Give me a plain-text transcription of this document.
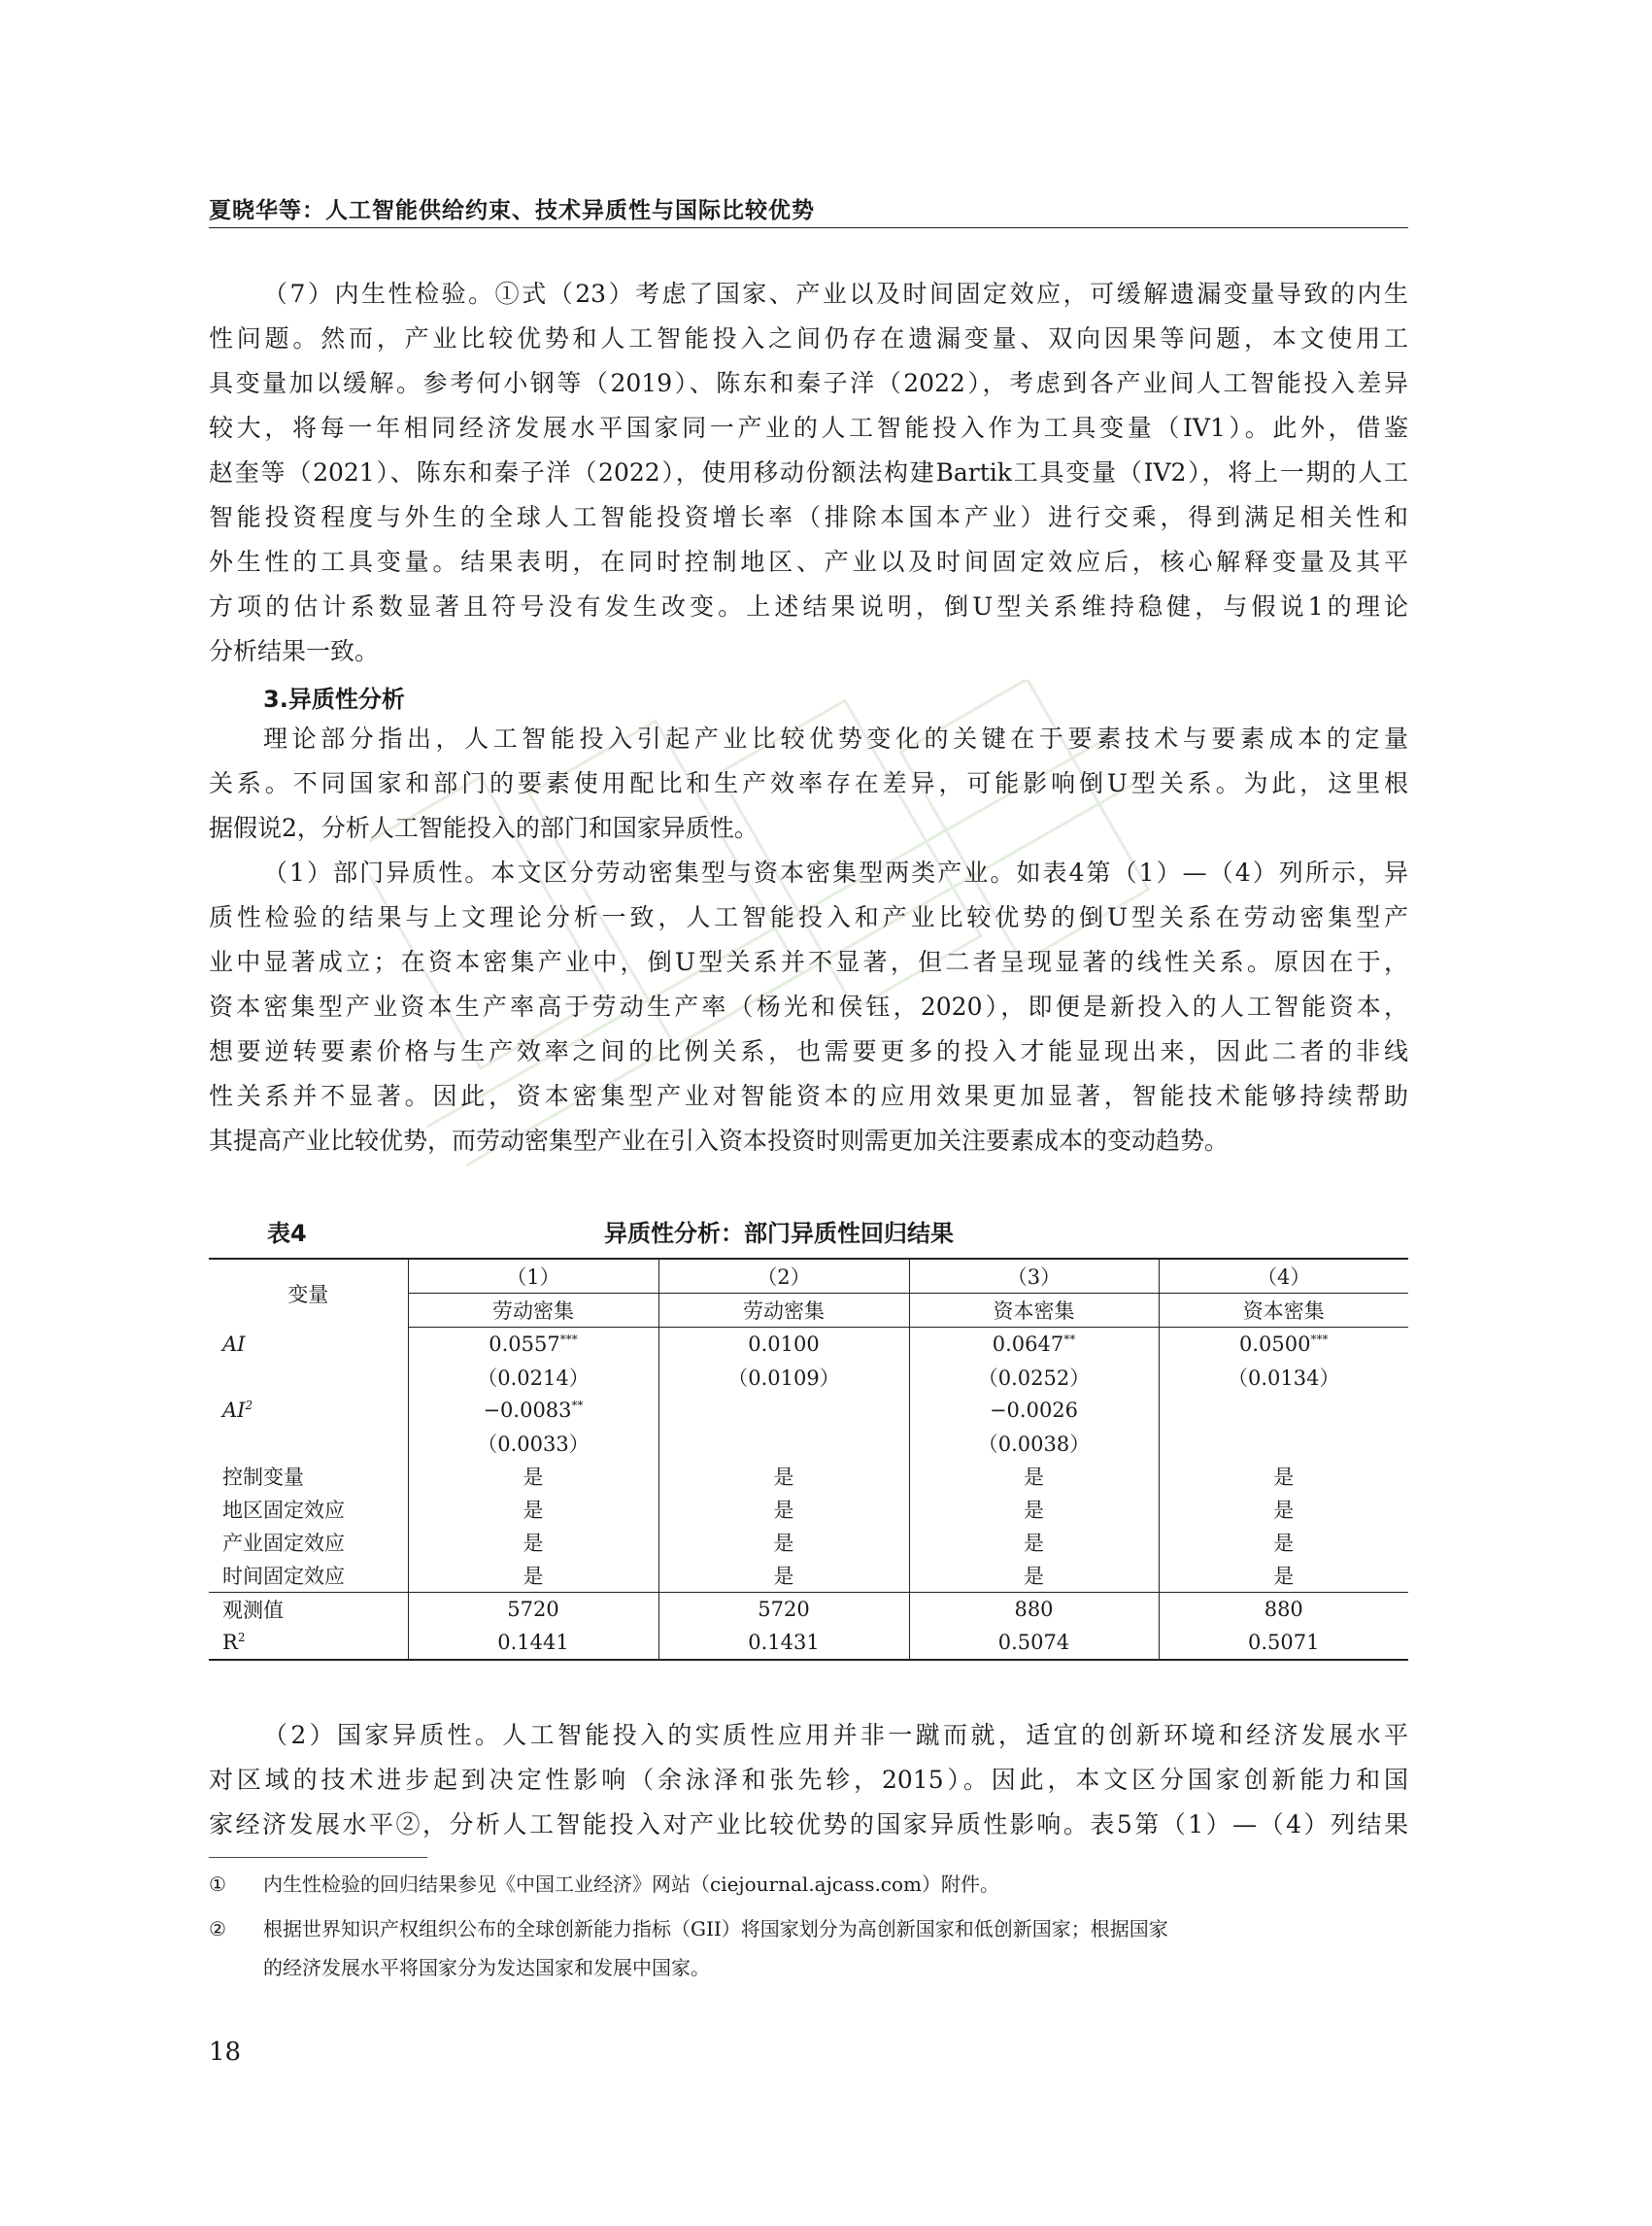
夏晓华等：人工智能供给约束、技术异质性与国际比较优势
（7）内生性检验。①式（23）考虑了国家、产业以及时间固定效应，可缓解遗漏变量导致的内生
性问题。然而，产业比较优势和人工智能投入之间仍存在遗漏变量、双向因果等问题，本文使用工
具变量加以缓解。参考何小钢等（2019）、陈东和秦子洋（2022），考虑到各产业间人工智能投入差异
较大，将每一年相同经济发展水平国家同一产业的人工智能投入作为工具变量（IV1）。此外，借鉴
赵奎等（2021）、陈东和秦子洋（2022），使用移动份额法构建Bartik工具变量（IV2），将上一期的人工
智能投资程度与外生的全球人工智能投资增长率（排除本国本产业）进行交乘，得到满足相关性和
外生性的工具变量。结果表明，在同时控制地区、产业以及时间固定效应后，核心解释变量及其平
方项的估计系数显著且符号没有发生改变。上述结果说明，倒U型关系维持稳健，与假说1的理论
分析结果一致。
3.异质性分析
理论部分指出，人工智能投入引起产业比较优势变化的关键在于要素技术与要素成本的定量
关系。不同国家和部门的要素使用配比和生产效率存在差异，可能影响倒U型关系。为此，这里根
据假说2，分析人工智能投入的部门和国家异质性。
（1）部门异质性。本文区分劳动密集型与资本密集型两类产业。如表4第（1）—（4）列所示，异
质性检验的结果与上文理论分析一致，人工智能投入和产业比较优势的倒U型关系在劳动密集型产
业中显著成立；在资本密集产业中，倒U型关系并不显著，但二者呈现显著的线性关系。原因在于，
资本密集型产业资本生产率高于劳动生产率（杨光和侯钰，2020），即便是新投入的人工智能资本，
想要逆转要素价格与生产效率之间的比例关系，也需要更多的投入才能显现出来，因此二者的非线
性关系并不显著。因此，资本密集型产业对智能资本的应用效果更加显著，智能技术能够持续帮助
其提高产业比较优势，而劳动密集型产业在引入资本投资时则需更加关注要素成本的变动趋势。
表4	异质性分析：部门异质性回归结果
变量	（1）	（2）	（3）	（4）
	劳动密集	劳动密集	资本密集	资本密集
AI	0.0557***	0.0100	0.0647**	0.0500***
	（0.0214）	（0.0109）	（0.0252）	（0.0134）
$AI^2$	−0.0083**		−0.0026	
	（0.0033）		（0.0038）	
控制变量	是	是	是	是
地区固定效应	是	是	是	是
产业固定效应	是	是	是	是
时间固定效应	是	是	是	是
观测值	5720	5720	880	880
$R^2$	0.1441	0.1431	0.5074	0.5071
（2）国家异质性。人工智能投入的实质性应用并非一蹴而就，适宜的创新环境和经济发展水平
对区域的技术进步起到决定性影响（余泳泽和张先轸，2015）。因此，本文区分国家创新能力和国
家经济发展水平②，分析人工智能投入对产业比较优势的国家异质性影响。表5第（1）—（4）列结果
① 内生性检验的回归结果参见《中国工业经济》网站（ciejournal.ajcass.com）附件。
② 根据世界知识产权组织公布的全球创新能力指标（GII）将国家划分为高创新国家和低创新国家；根据国家
的经济发展水平将国家分为发达国家和发展中国家。
18
